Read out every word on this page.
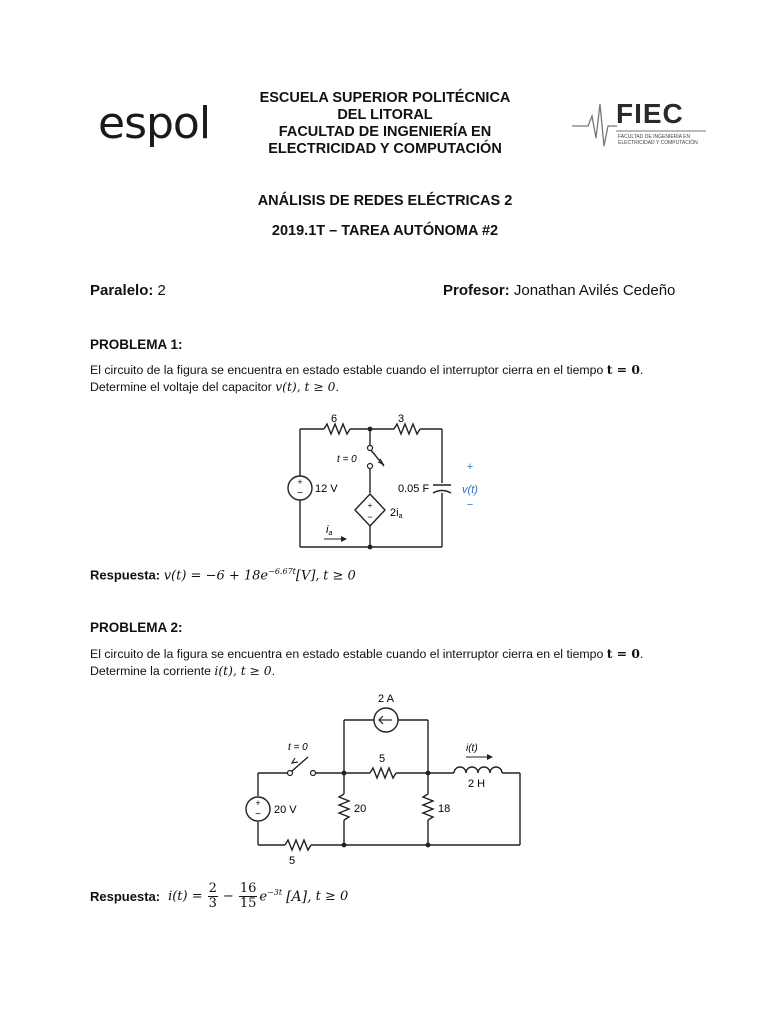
espol	FIEC
FACULTAD DE INGENIERÍA EN
ELECTRICIDAD Y COMPUTACIÓN
ESCUELA SUPERIOR POLITÉCNICA
DEL LITORAL
FACULTAD DE INGENIERÍA EN
ELECTRICIDAD Y COMPUTACIÓN
ANÁLISIS DE REDES ELÉCTRICAS 2
2019.1T – TAREA AUTÓNOMA #2
Paralelo: 2	Profesor: Jonathan Avilés Cedeño
PROBLEMA 1:
El circuito de la figura se encuentra en estado estable cuando el interruptor cierra en el tiempo t = 0.
Determine el voltaje del capacitor v(t), t ≥ 0.
+
−
+
−
6	3
t = 0
12 V	0.05 F
2ia
ia
+
v(t)
−
Respuesta: $v(t) = -6 + 18e^{-6.67t}[V]$, t ≥ 0
PROBLEMA 2:
El circuito de la figura se encuentra en estado estable cuando el interruptor cierra en el tiempo t = 0.
Determine la corriente i(t), t ≥ 0.
+
−
2 A
t = 0
5
i(t)
2 H
20 V	20	18
5
Respuesta: $i(t) = \frac{2}{3} - \frac{16}{15} e^{-3t}$ [A], t ≥ 0
